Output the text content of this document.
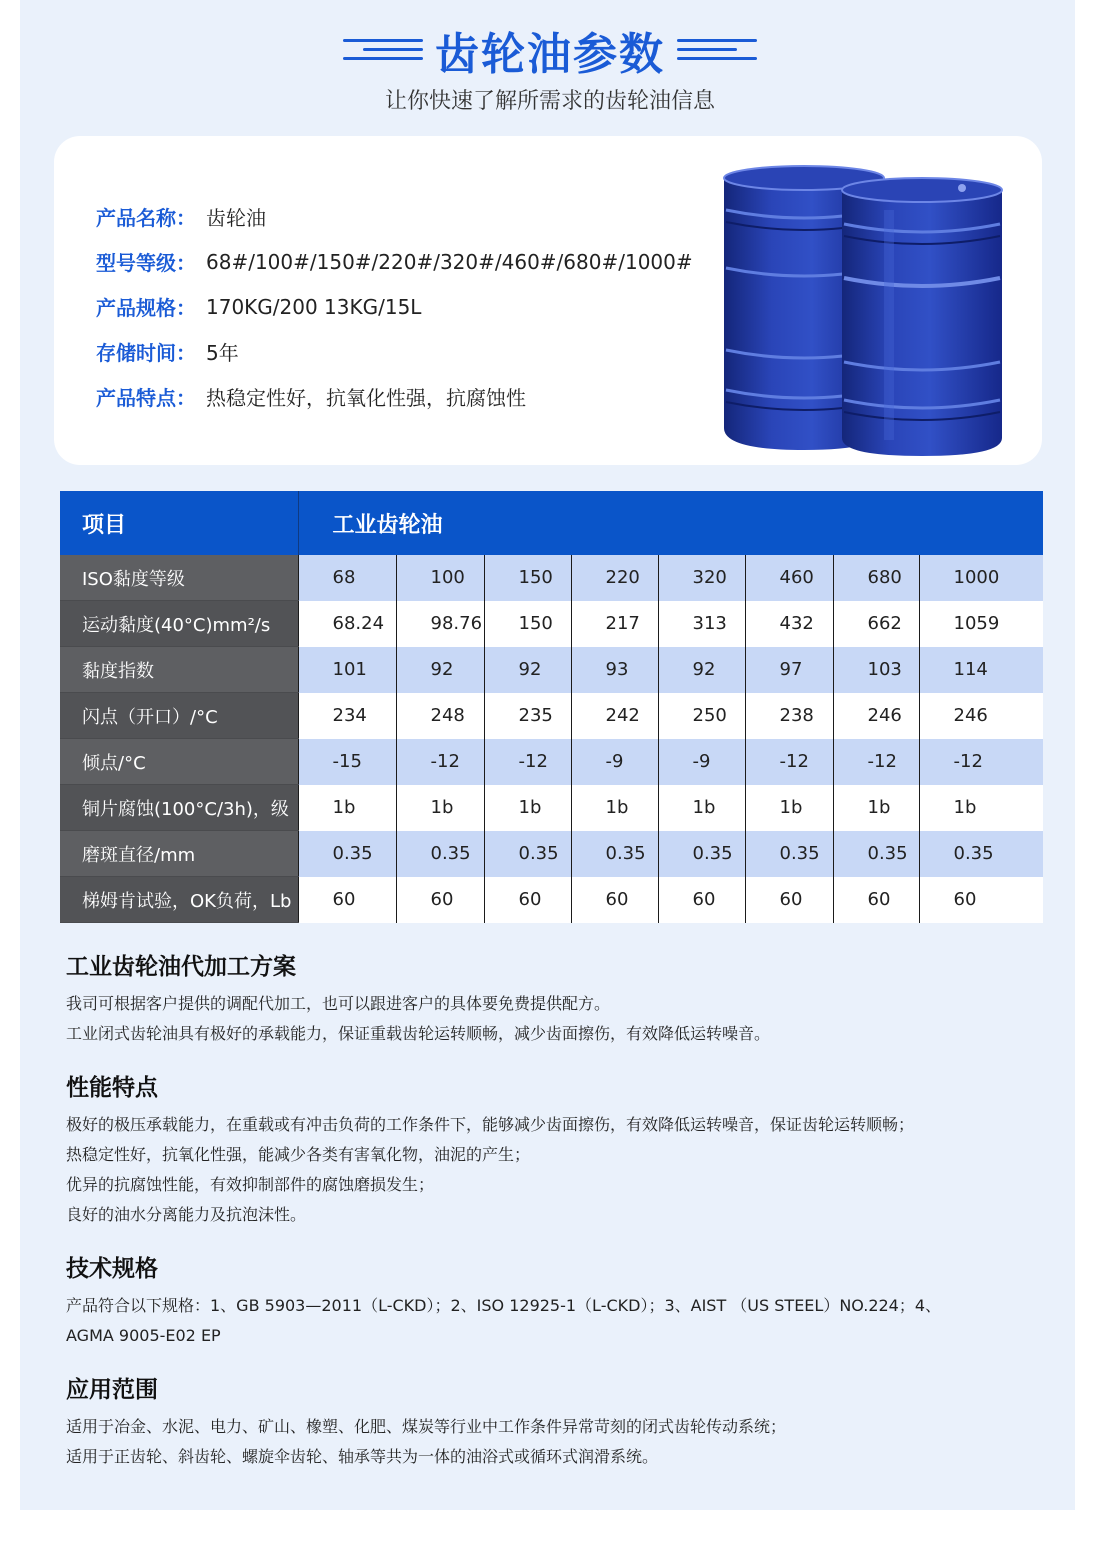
齿轮油参数
让你快速了解所需求的齿轮油信息
产品名称： 齿轮油
型号等级： 68#/100#/150#/220#/320#/460#/680#/1000#
产品规格： 170KG/200 13KG/15L
存储时间： 5年
产品特点： 热稳定性好，抗氧化性强，抗腐蚀性
项目	工业齿轮油							
ISO黏度等级	68	100	150	220	320	460	680	1000
运动黏度(40°C)mm²/s	68.24	98.76	150	217	313	432	662	1059
黏度指数	101	92	92	93	92	97	103	114
闪点（开口）/°C	234	248	235	242	250	238	246	246
倾点/°C	-15	-12	-12	-9	-9	-12	-12	-12
铜片腐蚀(100°C/3h)，级	1b	1b	1b	1b	1b	1b	1b	1b
磨斑直径/mm	0.35	0.35	0.35	0.35	0.35	0.35	0.35	0.35
梯姆肯试验，OK负荷，Lb	60	60	60	60	60	60	60	60
工业齿轮油代加工方案

我司可根据客户提供的调配代加工，也可以跟进客户的具体要免费提供配方。

工业闭式齿轮油具有极好的承载能力，保证重载齿轮运转顺畅，减少齿面擦伤，有效降低运转噪音。

性能特点

极好的极压承载能力，在重载或有冲击负荷的工作条件下，能够减少齿面擦伤，有效降低运转噪音，保证齿轮运转顺畅；

热稳定性好，抗氧化性强，能减少各类有害氧化物，油泥的产生；

优异的抗腐蚀性能，有效抑制部件的腐蚀磨损发生；

良好的油水分离能力及抗泡沫性。

技术规格

产品符合以下规格：1、GB 5903—2011（L-CKD）；2、ISO 12925-1（L-CKD）；3、AIST （US STEEL）NO.224；4、

AGMA 9005-E02 EP

应用范围

适用于冶金、水泥、电力、矿山、橡塑、化肥、煤炭等行业中工作条件异常苛刻的闭式齿轮传动系统；

适用于正齿轮、斜齿轮、螺旋伞齿轮、轴承等共为一体的油浴式或循环式润滑系统。
